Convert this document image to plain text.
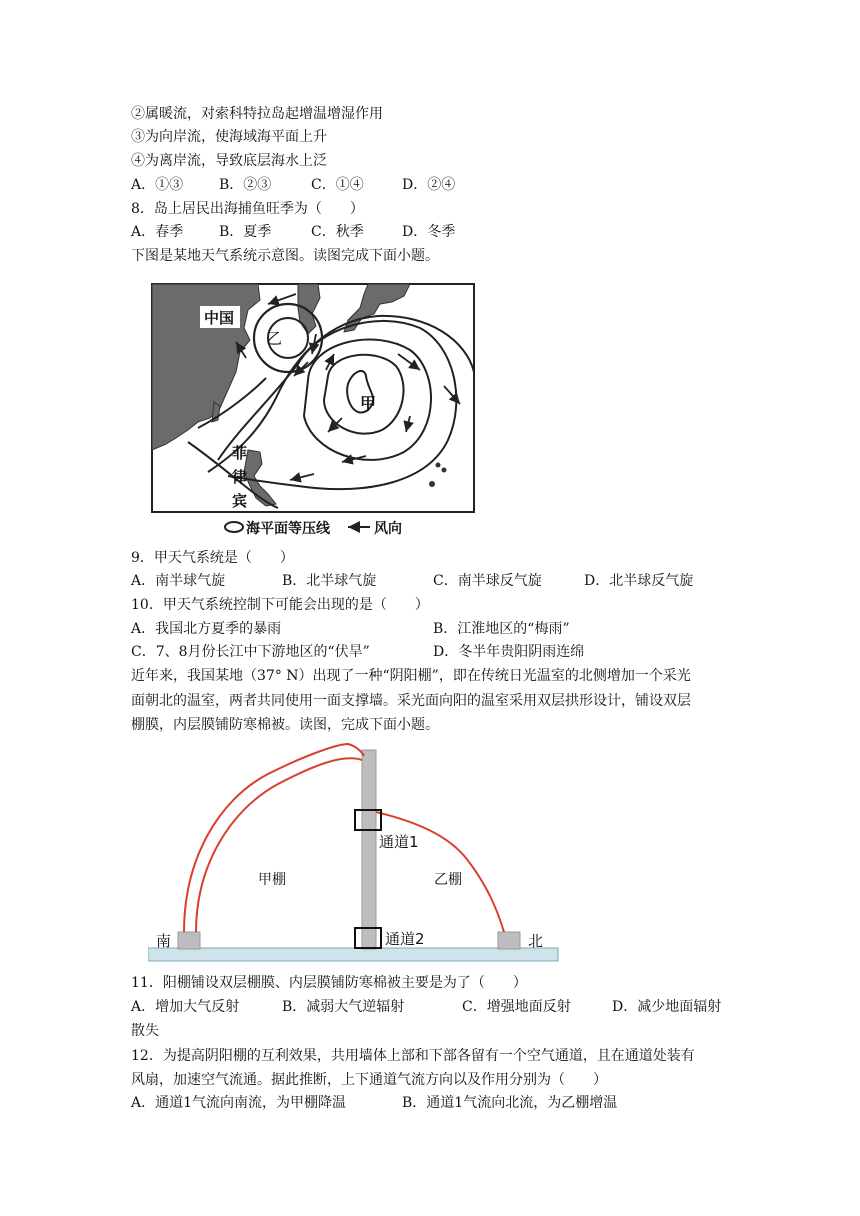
②属暖流，对索科特拉岛起增温增湿作用
③为向岸流，使海域海平面上升
④为离岸流，导致底层海水上泛
A．①③	B．②③	C．①④	D．②④
8．岛上居民出海捕鱼旺季为（　　）
A．春季	B．夏季	C．秋季	D．冬季
下图是某地天气系统示意图。读图完成下面小题。
中国
乙
甲
菲
律
宾
海平面等压线	风向
9．甲天气系统是（　　）
A．南半球气旋	B．北半球气旋	C．南半球反气旋	D．北半球反气旋
10．甲天气系统控制下可能会出现的是（　　）
A．我国北方夏季的暴雨	B．江淮地区的“梅雨”
C．7、8月份长江中下游地区的“伏旱”	D．冬半年贵阳阴雨连绵
近年来，我国某地（37° N）出现了一种“阴阳棚”，即在传统日光温室的北侧增加一个采光
面朝北的温室，两者共同使用一面支撑墙。采光面向阳的温室采用双层拱形设计，铺设双层
棚膜，内层膜铺防寒棉被。读图，完成下面小题。
通道1
通道2
甲棚	乙棚
南	北
11．阳棚铺设双层棚膜、内层膜铺防寒棉被主要是为了（　　）
A．增加大气反射	B．减弱大气逆辐射	C．增强地面反射	D．减少地面辐射
散失
12．为提高阴阳棚的互利效果，共用墙体上部和下部各留有一个空气通道，且在通道处装有
风扇，加速空气流通。据此推断，上下通道气流方向以及作用分别为（　　）
A．通道1气流向南流，为甲棚降温	B．通道1气流向北流，为乙棚增温
